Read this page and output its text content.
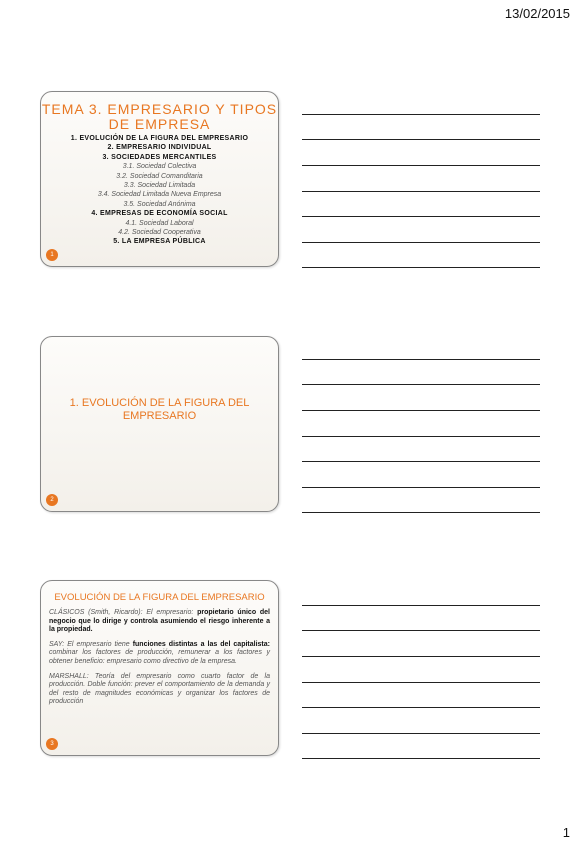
13/02/2015
TEMA 3. EMPRESARIO Y TIPOS DE EMPRESA
1. EVOLUCIÓN DE LA FIGURA DEL EMPRESARIO
2. EMPRESARIO INDIVIDUAL
3. SOCIEDADES MERCANTILES
3.1. Sociedad Colectiva
3.2. Sociedad Comanditaria
3.3. Sociedad Limitada
3.4. Sociedad Limitada Nueva Empresa
3.5. Sociedad Anónima
4. EMPRESAS DE ECONOMÍA SOCIAL
4.1. Sociedad Laboral
4.2. Sociedad Cooperativa
5. LA EMPRESA PÚBLICA
1
1. EVOLUCIÓN DE LA FIGURA DEL EMPRESARIO
2
EVOLUCIÓN DE LA FIGURA DEL EMPRESARIO
CLÁSICOS (Smith, Ricardo): El empresario: propietario único del negocio que lo dirige y controla asumiendo el riesgo inherente a la propiedad.
SAY: El empresario tiene funciones distintas a las del capitalista: combinar los factores de producción, remunerar a los factores y obtener beneficio: empresario como directivo de la empresa.
MARSHALL: Teoría del empresario como cuarto factor de la producción. Doble función: prever el comportamiento de la demanda y del resto de magnitudes económicas y organizar los factores de producción
3
1
